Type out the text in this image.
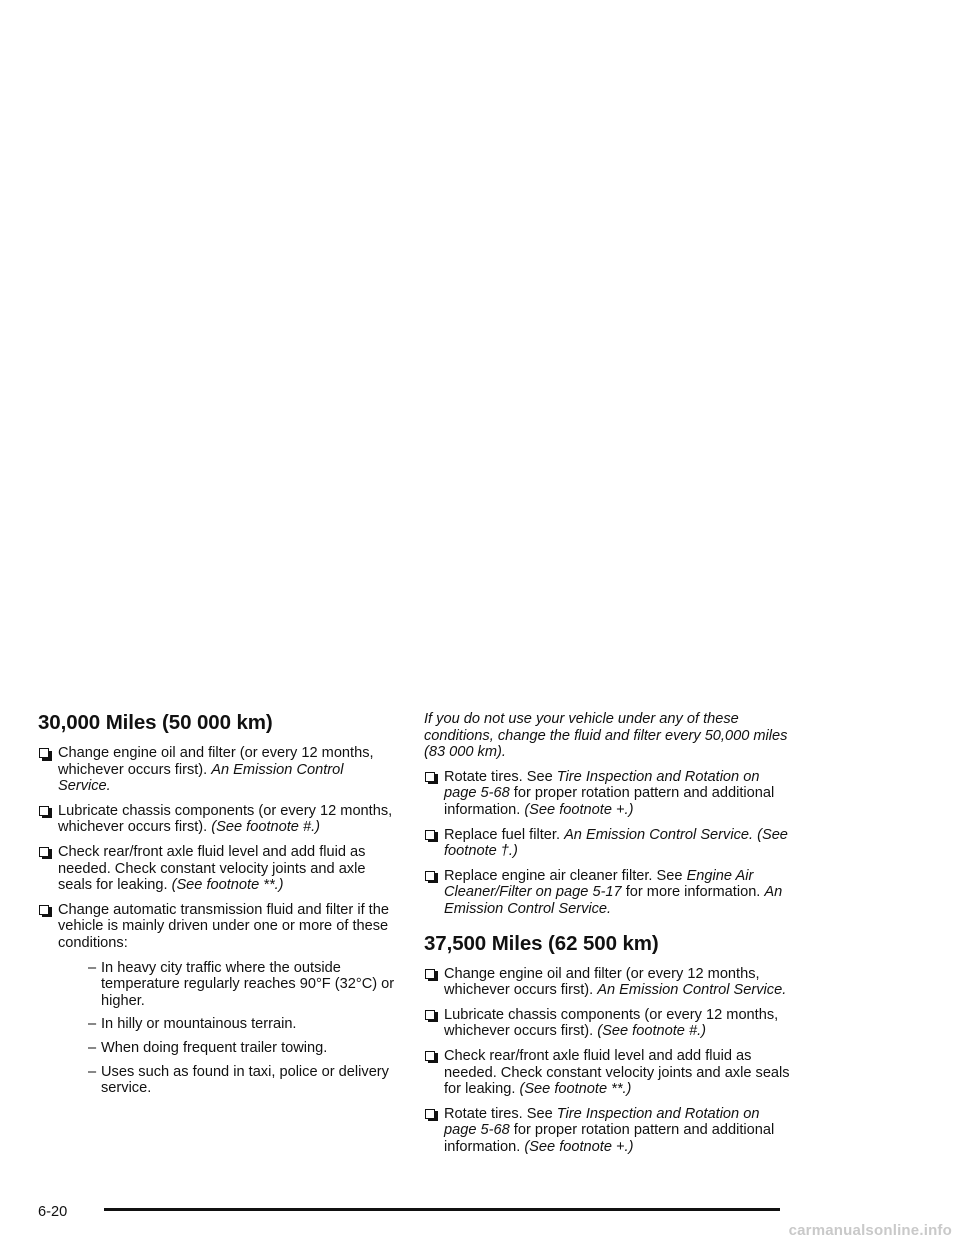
30,000 Miles (50 000 km)
Change engine oil and filter (or every 12 months, whichever occurs first). An Emission Control Service.
Lubricate chassis components (or every 12 months, whichever occurs first). (See footnote #.)
Check rear/front axle fluid level and add fluid as needed. Check constant velocity joints and axle seals for leaking. (See footnote **.)
Change automatic transmission fluid and filter if the vehicle is mainly driven under one or more of these conditions:
– In heavy city traffic where the outside temperature regularly reaches 90°F (32°C) or higher.
– In hilly or mountainous terrain.
– When doing frequent trailer towing.
– Uses such as found in taxi, police or delivery service.

If you do not use your vehicle under any of these conditions, change the fluid and filter every 50,000 miles (83 000 km).

Rotate tires. See Tire Inspection and Rotation on page 5-68 for proper rotation pattern and additional information. (See footnote +.)
Replace fuel filter. An Emission Control Service. (See footnote †.)
Replace engine air cleaner filter. See Engine Air Cleaner/Filter on page 5-17 for more information. An Emission Control Service.
37,500 Miles (62 500 km)
Change engine oil and filter (or every 12 months, whichever occurs first). An Emission Control Service.
Lubricate chassis components (or every 12 months, whichever occurs first). (See footnote #.)
Check rear/front axle fluid level and add fluid as needed. Check constant velocity joints and axle seals for leaking. (See footnote **.)
Rotate tires. See Tire Inspection and Rotation on page 5-68 for proper rotation pattern and additional information. (See footnote +.)
6-20
carmanualsonline.info
